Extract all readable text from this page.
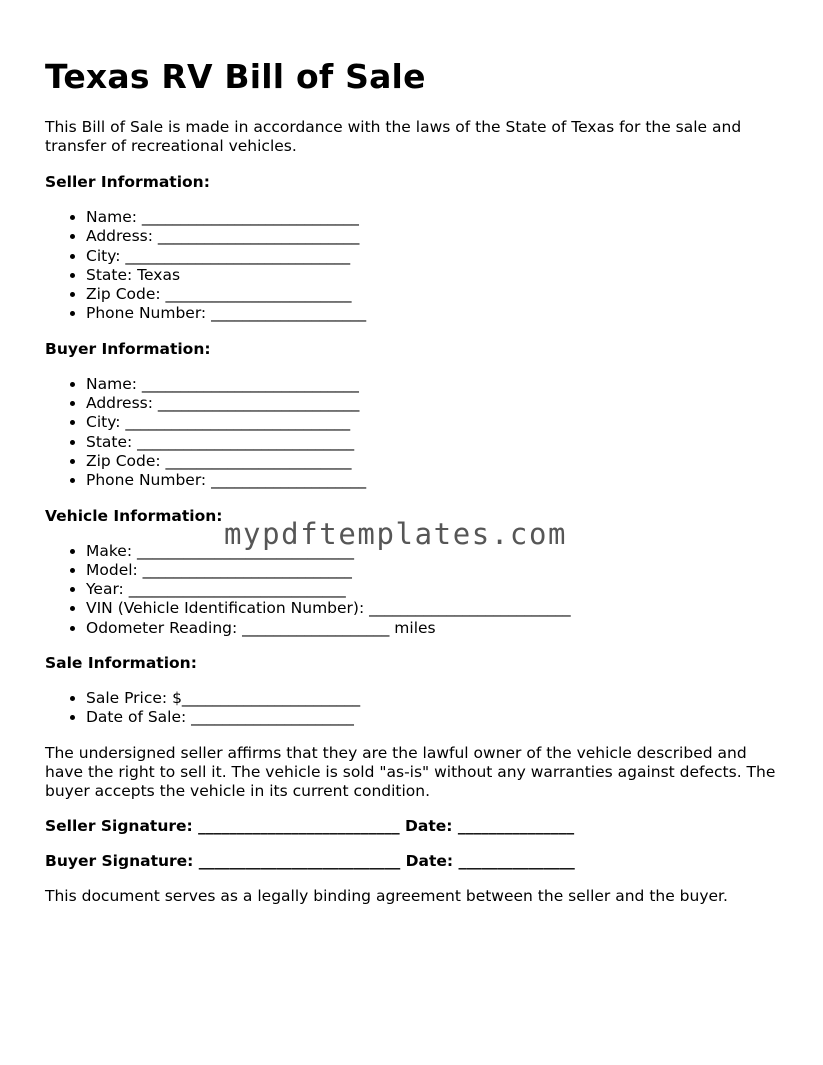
Texas RV Bill of Sale

This Bill of Sale is made in accordance with the laws of the State of Texas for the sale and transfer of recreational vehicles.

Seller Information:

• Name: ____________________________
• Address: __________________________
• City: _____________________________
• State: Texas
• Zip Code: ________________________
• Phone Number: ____________________

Buyer Information:

• Name: ____________________________
• Address: __________________________
• City: _____________________________
• State: ____________________________
• Zip Code: ________________________
• Phone Number: ____________________

Vehicle Information:

• Make: ____________________________
• Model: ___________________________
• Year: ____________________________
• VIN (Vehicle Identification Number): __________________________
• Odometer Reading: ___________________ miles

Sale Information:

• Sale Price: $_______________________
• Date of Sale: _____________________

The undersigned seller affirms that they are the lawful owner of the vehicle described and have the right to sell it. The vehicle is sold "as-is" without any warranties against defects. The buyer accepts the vehicle in its current condition.

Seller Signature: __________________________ Date: _______________

Buyer Signature: __________________________ Date: _______________

This document serves as a legally binding agreement between the seller and the buyer.

mypdftemplates.com
